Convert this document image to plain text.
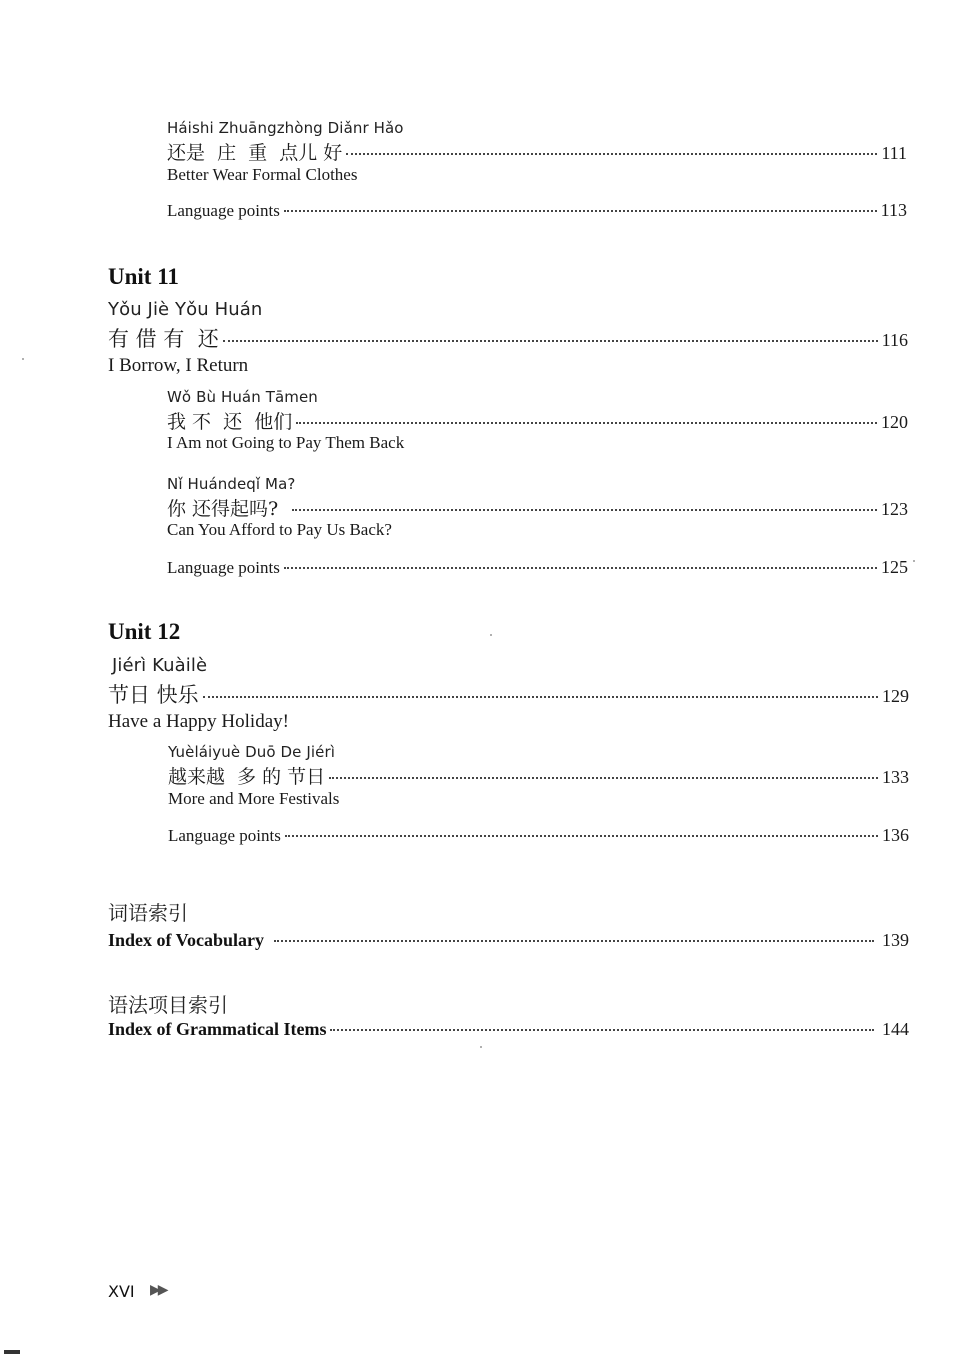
Háishi Zhuāngzhòng Diǎnr Hǎo
还是  庄  重  点儿 好	111
Better Wear Formal Clothes
Language points	113
Unit 11
Yǒu Jiè Yǒu Huán
有 借 有  还	116
I Borrow, I Return
Wǒ Bù Huán Tāmen
我 不  还  他们	120
I Am not Going to Pay Them Back
Nǐ Huándeqǐ Ma?
你 还得起吗?	123
Can You Afford to Pay Us Back?
Language points	125
Unit 12
Jiérì Kuàilè
节日 快乐	129
Have a Happy Holiday!
Yuèláiyuè Duō De Jiérì
越来越  多 的 节日	133
More and More Festivals
Language points	136
词语索引
Index of Vocabulary	139
语法项目索引
Index of Grammatical Items	144
XVI ▶▶
